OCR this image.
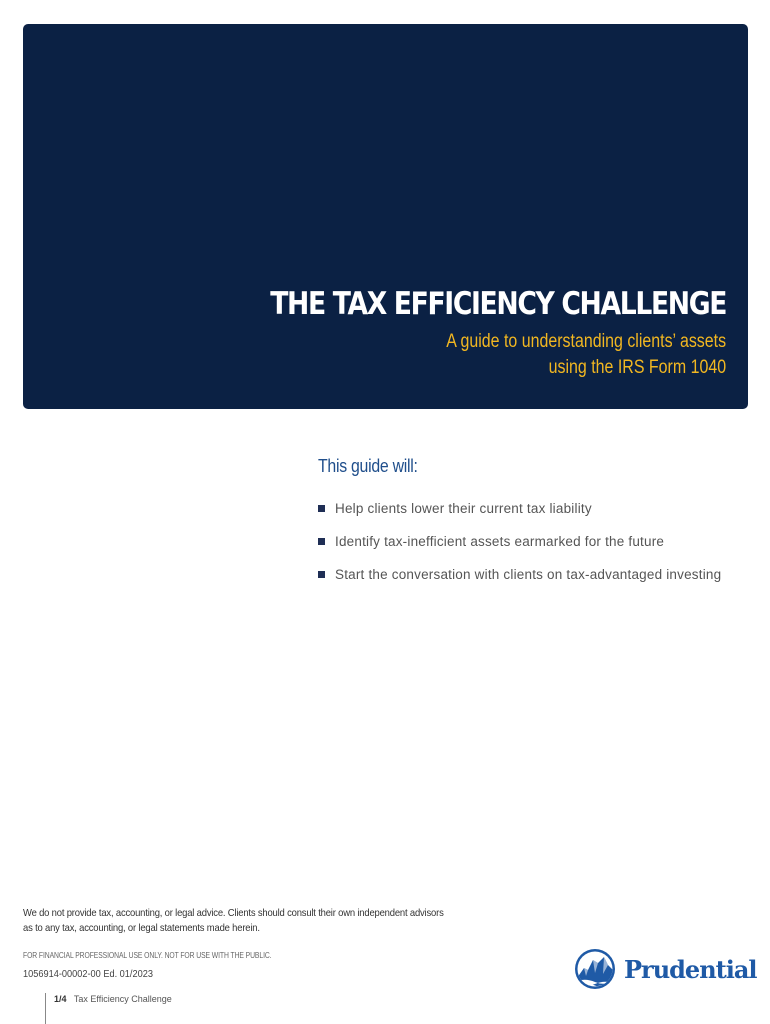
THE TAX EFFICIENCY CHALLENGE
A guide to understanding clients’ assets
using the IRS Form 1040
This guide will:
Help clients lower their current tax liability
Identify tax-inefficient assets earmarked for the future
Start the conversation with clients on tax-advantaged investing
We do not provide tax, accounting, or legal advice. Clients should consult their own independent advisors as to any tax, accounting, or legal statements made herein.
FOR FINANCIAL PROFESSIONAL USE ONLY. NOT FOR USE WITH THE PUBLIC.
1056914-00002-00 Ed. 01/2023
1/4 Tax Efficiency Challenge
Prudential
